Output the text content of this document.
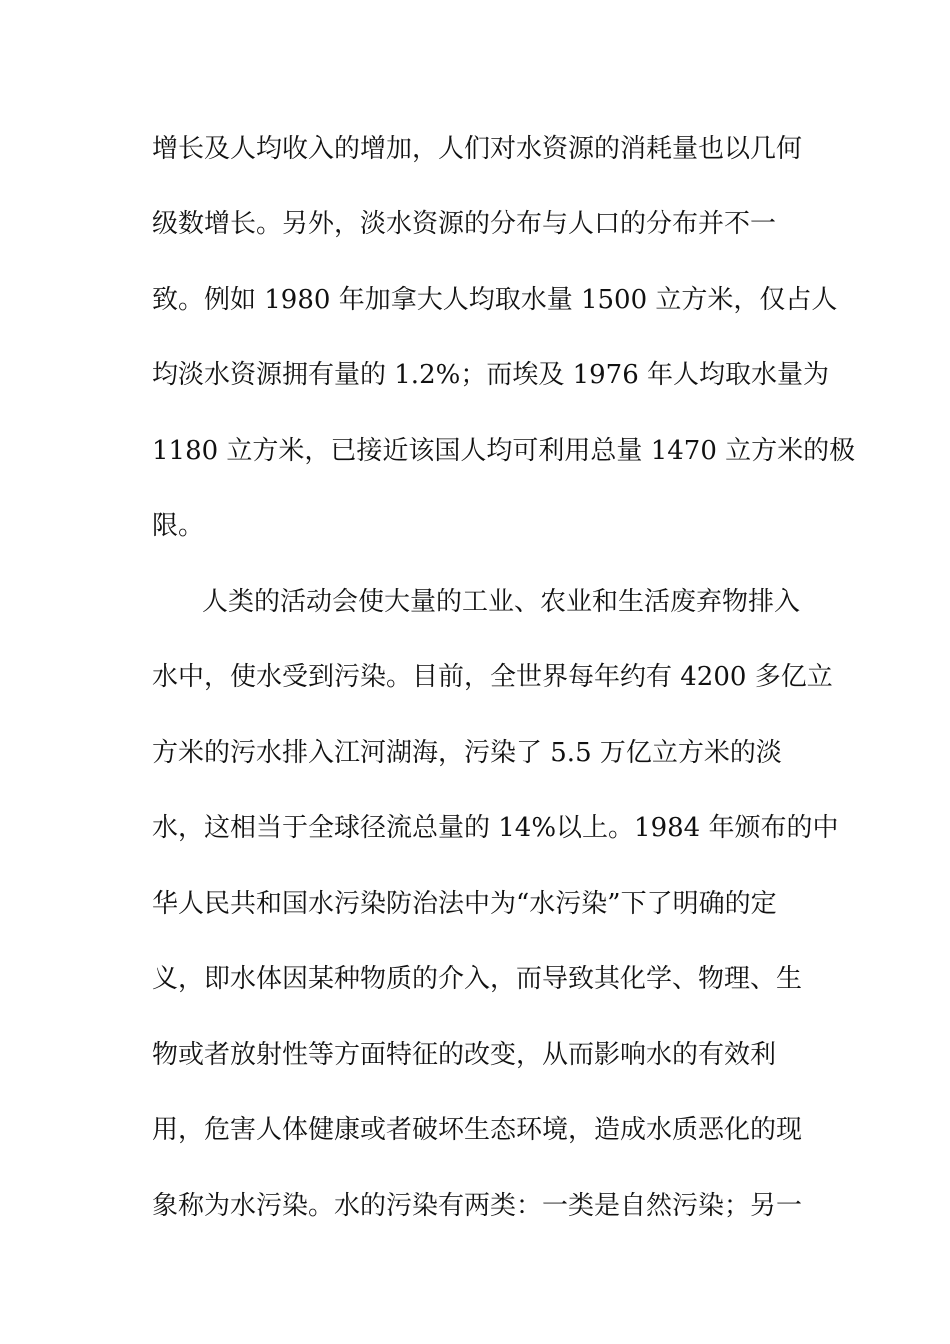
增长及人均收入的增加，人们对水资源的消耗量也以几何
级数增长。另外，淡水资源的分布与人口的分布并不一
致。例如 1980 年加拿大人均取水量 1500 立方米，仅占人
均淡水资源拥有量的 1.2%；而埃及 1976 年人均取水量为
1180 立方米，已接近该国人均可利用总量 1470 立方米的极
限。
人类的活动会使大量的工业、农业和生活废弃物排入
水中，使水受到污染。目前，全世界每年约有 4200 多亿立
方米的污水排入江河湖海，污染了 5.5 万亿立方米的淡
水，这相当于全球径流总量的 14%以上。1984 年颁布的中
华人民共和国水污染防治法中为“水污染”下了明确的定
义，即水体因某种物质的介入，而导致其化学、物理、生
物或者放射性等方面特征的改变，从而影响水的有效利
用，危害人体健康或者破坏生态环境，造成水质恶化的现
象称为水污染。水的污染有两类：一类是自然污染；另一
